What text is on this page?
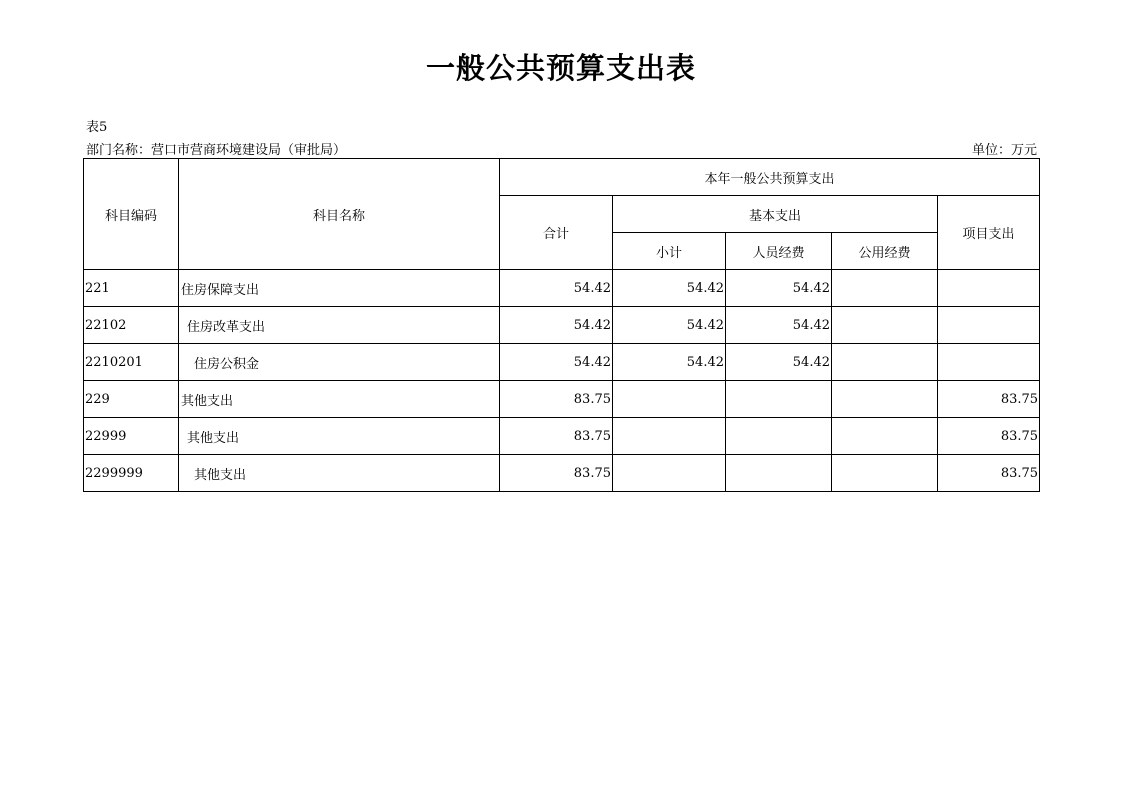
一般公共预算支出表
表5
部门名称：营口市营商环境建设局（审批局）	单位：万元
科目编码	科目名称	本年一般公共预算支出				
		合计	基本支出			项目支出
			小计	人员经费	公用经费	
221	住房保障支出	54.42	54.42	54.42		
22102	住房改革支出	54.42	54.42	54.42		
2210201	住房公积金	54.42	54.42	54.42		
229	其他支出	83.75				83.75
22999	其他支出	83.75				83.75
2299999	其他支出	83.75				83.75
